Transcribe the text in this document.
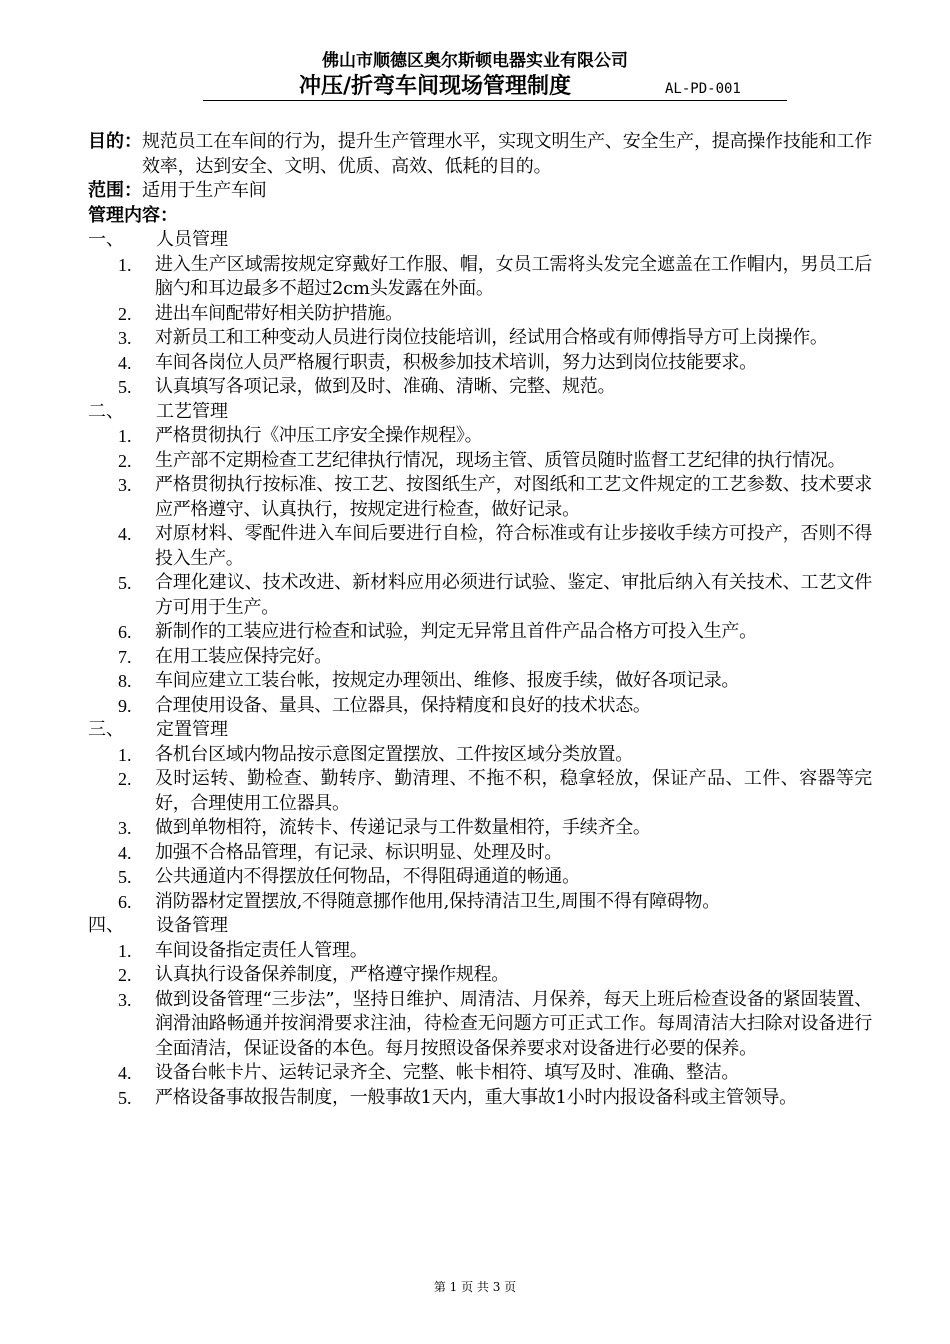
佛山市顺德区奥尔斯顿电器实业有限公司
冲压/折弯车间现场管理制度	AL-PD-001
目的： 规范员工在车间的行为，提升生产管理水平，实现文明生产、安全生产，提高操作技能和工作效率，达到安全、文明、优质、高效、低耗的目的。
范围： 适用于生产车间
管理内容：
一、	人员管理
1.	进入生产区域需按规定穿戴好工作服、帽，女员工需将头发完全遮盖在工作帽内，男员工后脑勺和耳边最多不超过2cm头发露在外面。
2.	进出车间配带好相关防护措施。
3.	对新员工和工种变动人员进行岗位技能培训，经试用合格或有师傅指导方可上岗操作。
4.	车间各岗位人员严格履行职责，积极参加技术培训，努力达到岗位技能要求。
5.	认真填写各项记录，做到及时、准确、清晰、完整、规范。
二、	工艺管理
1.	严格贯彻执行《冲压工序安全操作规程》。
2.	生产部不定期检查工艺纪律执行情况，现场主管、质管员随时监督工艺纪律的执行情况。
3.	严格贯彻执行按标准、按工艺、按图纸生产，对图纸和工艺文件规定的工艺参数、技术要求应严格遵守、认真执行，按规定进行检查，做好记录。
4.	对原材料、零配件进入车间后要进行自检，符合标准或有让步接收手续方可投产，否则不得投入生产。
5.	合理化建议、技术改进、新材料应用必须进行试验、鉴定、审批后纳入有关技术、工艺文件方可用于生产。
6.	新制作的工装应进行检查和试验，判定无异常且首件产品合格方可投入生产。
7.	在用工装应保持完好。
8.	车间应建立工装台帐，按规定办理领出、维修、报废手续，做好各项记录。
9.	合理使用设备、量具、工位器具，保持精度和良好的技术状态。
三、	定置管理
1.	各机台区域内物品按示意图定置摆放、工件按区域分类放置。
2.	及时运转、勤检查、勤转序、勤清理、不拖不积，稳拿轻放，保证产品、工件、容器等完好，合理使用工位器具。
3.	做到单物相符，流转卡、传递记录与工件数量相符，手续齐全。
4.	加强不合格品管理，有记录、标识明显、处理及时。
5.	公共通道内不得摆放任何物品，不得阻碍通道的畅通。
6.	消防器材定置摆放,不得随意挪作他用,保持清洁卫生,周围不得有障碍物。
四、	设备管理
1.	车间设备指定责任人管理。
2.	认真执行设备保养制度，严格遵守操作规程。
3.	做到设备管理“三步法”，坚持日维护、周清洁、月保养，每天上班后检查设备的紧固装置、润滑油路畅通并按润滑要求注油，待检查无问题方可正式工作。每周清洁大扫除对设备进行全面清洁，保证设备的本色。每月按照设备保养要求对设备进行必要的保养。
4.	设备台帐卡片、运转记录齐全、完整、帐卡相符、填写及时、准确、整洁。
5.	严格设备事故报告制度，一般事故1天内，重大事故1小时内报设备科或主管领导。
第 1 页 共 3 页
